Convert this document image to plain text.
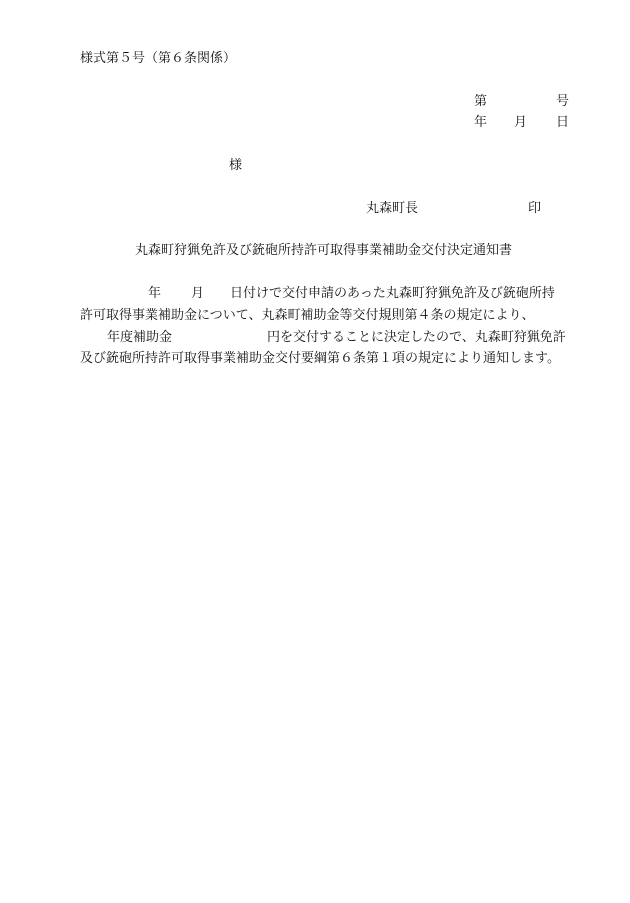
様式第５号（第６条関係）
第	号
年 月 日
様
丸森町長	印
丸森町狩猟免許及び銃砲所持許可取得事業補助金交付決定通知書
年 月 日付けで交付申請のあった丸森町狩猟免許及び銃砲所持
許可取得事業補助金について、丸森町補助金等交付規則第４条の規定により、
年度補助金	円を交付することに決定したので、丸森町狩猟免許
及び銃砲所持許可取得事業補助金交付要綱第６条第１項の規定により通知します。
